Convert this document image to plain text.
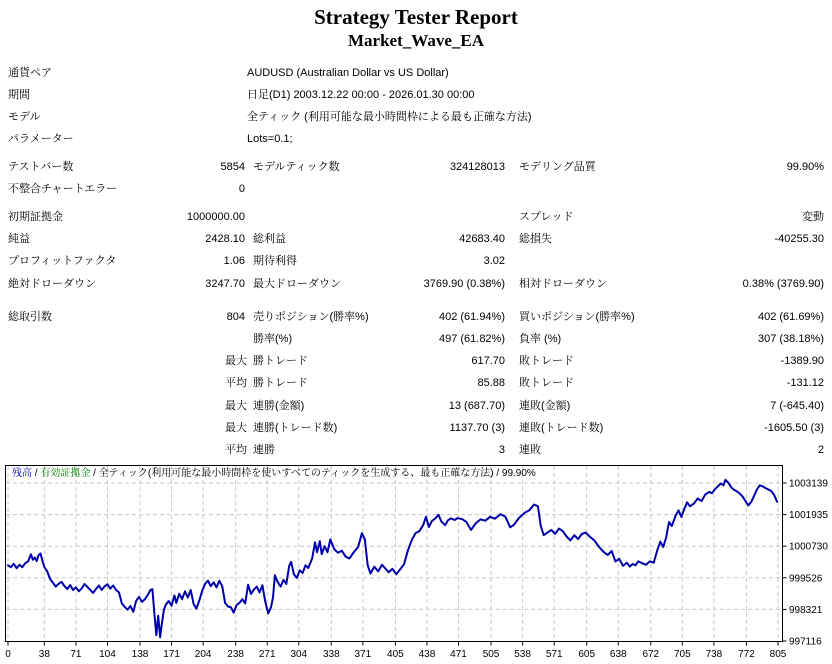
Strategy Tester Report
Market_Wave_EA
通貨ペア	AUDUSD (Australian Dollar vs US Dollar)
期間	日足(D1) 2003.12.22 00:00 - 2026.01.30 00:00
モデル	全ティック (利用可能な最小時間枠による最も正確な方法)
パラメーター	Lots=0.1;
テストバー数	5854 モデルティック数	324128013 モデリング品質	99.90%
不整合チャートエラー	0
初期証拠金	1000000.00	スプレッド	変動
純益	2428.10 総利益	42683.40 総損失	-40255.30
プロフィットファクタ	1.06 期待利得	3.02
絶対ドローダウン	3247.70 最大ドローダウン	3769.90 (0.38%) 相対ドローダウン	0.38% (3769.90)
総取引数	804 売りポジション(勝率%)	402 (61.94%) 買いポジション(勝率%)	402 (61.69%)
勝率(%)	497 (61.82%) 負率 (%)	307 (38.18%)
最大 勝トレード	617.70 敗トレード	-1389.90
平均 勝トレード	85.88 敗トレード	-131.12
最大 連勝(金額)	13 (687.70) 連敗(金額)	7 (-645.40)
最大 連勝(トレード数)	1137.70 (3) 連敗(トレード数)	-1605.50 (3)
平均 連勝	3 連敗	2
0	38 71 104 138 171 204 238 271 304 338 371 405 438 471 505 538 571 605 638 672 705 738 772 805
1003139
1001935
1000730
999526
998321
997116
残高 / 有効証拠金 / 全ティック(利用可能な最小時間枠を使いすべてのティックを生成する、最も正確な方法) / 99.90%
